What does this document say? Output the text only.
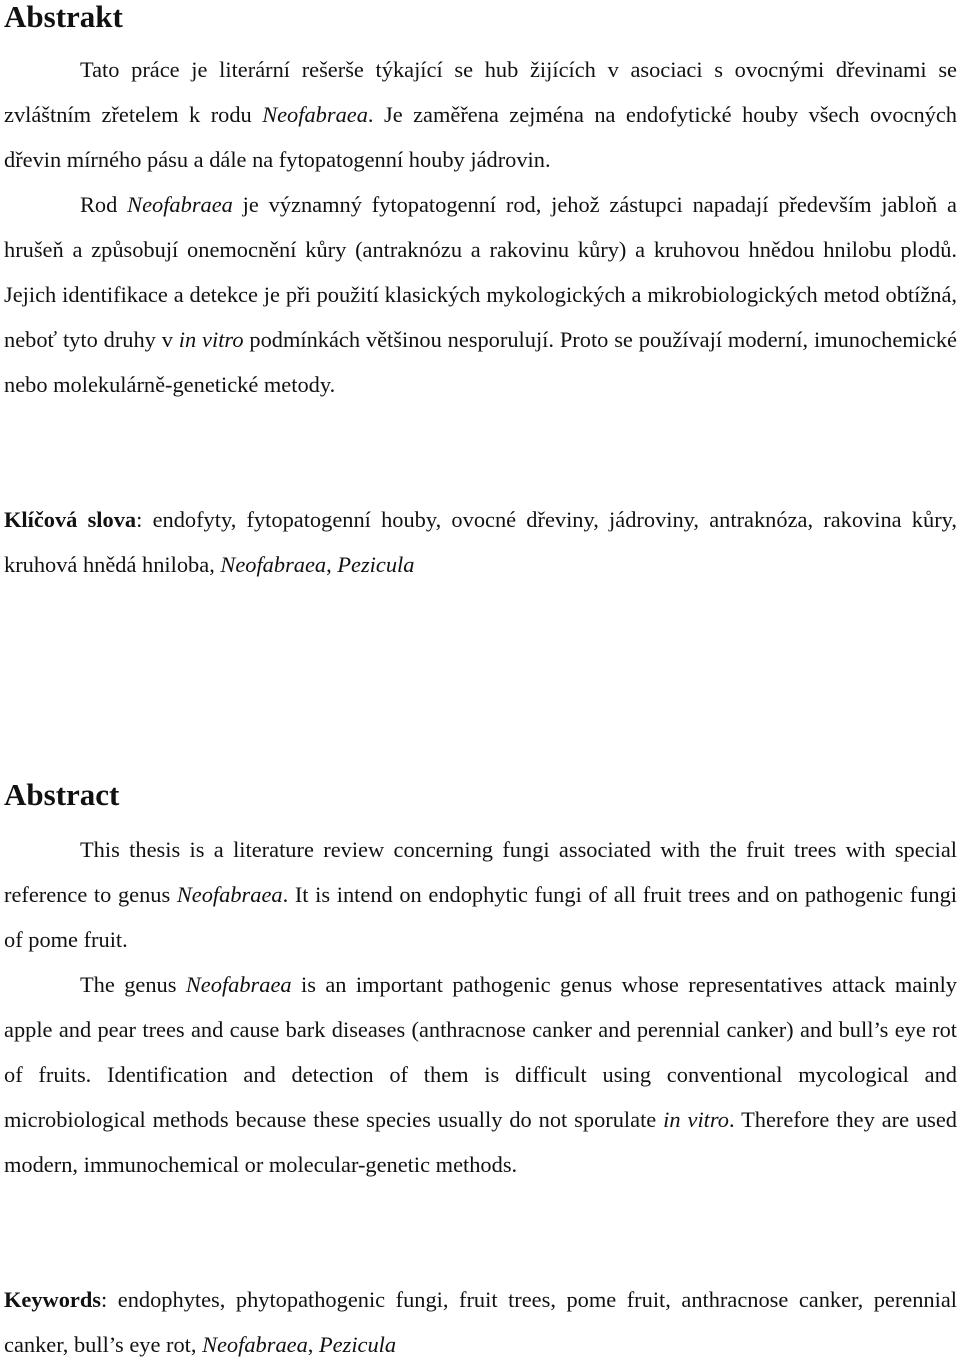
Abstrakt

Tato práce je literární rešerše týkající se hub žijících v asociaci s ovocnými dřevinami se zvláštním zřetelem k rodu Neofabraea. Je zaměřena zejména na endofytické houby všech ovocných dřevin mírného pásu a dále na fytopatogenní houby jádrovin.

Rod Neofabraea je významný fytopatogenní rod, jehož zástupci napadají především jabloň a hrušeň a způsobují onemocnění kůry (antraknózu a rakovinu kůry) a kruhovou hnědou hnilobu plodů. Jejich identifikace a detekce je při použití klasických mykologických a mikrobiologických metod obtížná, neboť tyto druhy v in vitro podmínkách většinou nesporulují. Proto se používají moderní, imunochemické nebo molekulárně-genetické metody.

Klíčová slova: endofyty, fytopatogenní houby, ovocné dřeviny, jádroviny, antraknóza, rakovina kůry, kruhová hnědá hniloba, Neofabraea, Pezicula

Abstract

This thesis is a literature review concerning fungi associated with the fruit trees with special reference to genus Neofabraea. It is intend on endophytic fungi of all fruit trees and on pathogenic fungi of pome fruit.

The genus Neofabraea is an important pathogenic genus whose representatives attack mainly apple and pear trees and cause bark diseases (anthracnose canker and perennial canker) and bull’s eye rot of fruits. Identification and detection of them is difficult using conventional mycological and microbiological methods because these species usually do not sporulate in vitro. Therefore they are used modern, immunochemical or molecular-genetic methods.

Keywords: endophytes, phytopathogenic fungi, fruit trees, pome fruit, anthracnose canker, perennial canker, bull’s eye rot, Neofabraea, Pezicula
